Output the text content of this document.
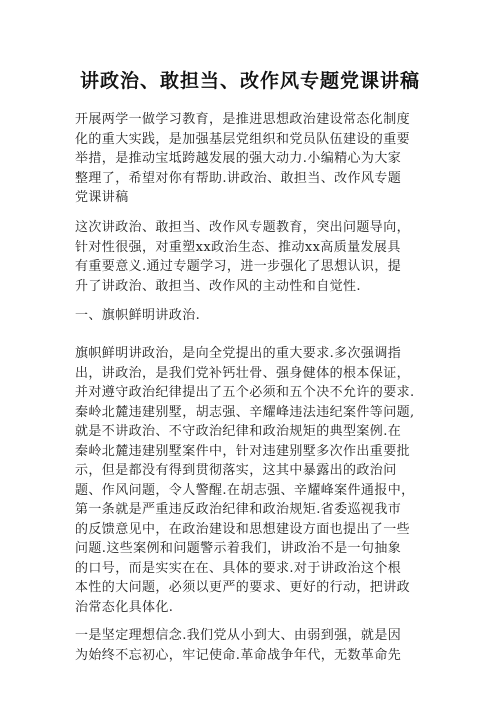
讲政治、敢担当、改作风专题党课讲稿
开展两学一做学习教育，是推进思想政治建设常态化制度
化的重大实践，是加强基层党组织和党员队伍建设的重要
举措，是推动宝坻跨越发展的强大动力.小编精心为大家
整理了，希望对你有帮助.讲政治、敢担当、改作风专题
党课讲稿
这次讲政治、敢担当、改作风专题教育，突出问题导向，
针对性很强，对重塑xx政治生态、推动xx高质量发展具
有重要意义.通过专题学习，进一步强化了思想认识，提
升了讲政治、敢担当、改作风的主动性和自觉性.
一、旗帜鲜明讲政治.
旗帜鲜明讲政治，是向全党提出的重大要求.多次强调指
出，讲政治，是我们党补钙壮骨、强身健体的根本保证，
并对遵守政治纪律提出了五个必须和五个决不允许的要求.
秦岭北麓违建别墅，胡志强、辛耀峰违法违纪案件等问题,
就是不讲政治、不守政治纪律和政治规矩的典型案例.在
秦岭北麓违建别墅案件中，针对违建别墅多次作出重要批
示，但是都没有得到贯彻落实，这其中暴露出的政治问
题、作风问题，令人警醒.在胡志强、辛耀峰案件通报中，
第一条就是严重违反政治纪律和政治规矩.省委巡视我市
的反馈意见中，在政治建设和思想建设方面也提出了一些
问题.这些案例和问题警示着我们，讲政治不是一句抽象
的口号，而是实实在在、具体的要求.对于讲政治这个根
本性的大问题，必须以更严的要求、更好的行动，把讲政
治常态化具体化.
一是坚定理想信念.我们党从小到大、由弱到强，就是因
为始终不忘初心，牢记使命.革命战争年代，无数革命先
